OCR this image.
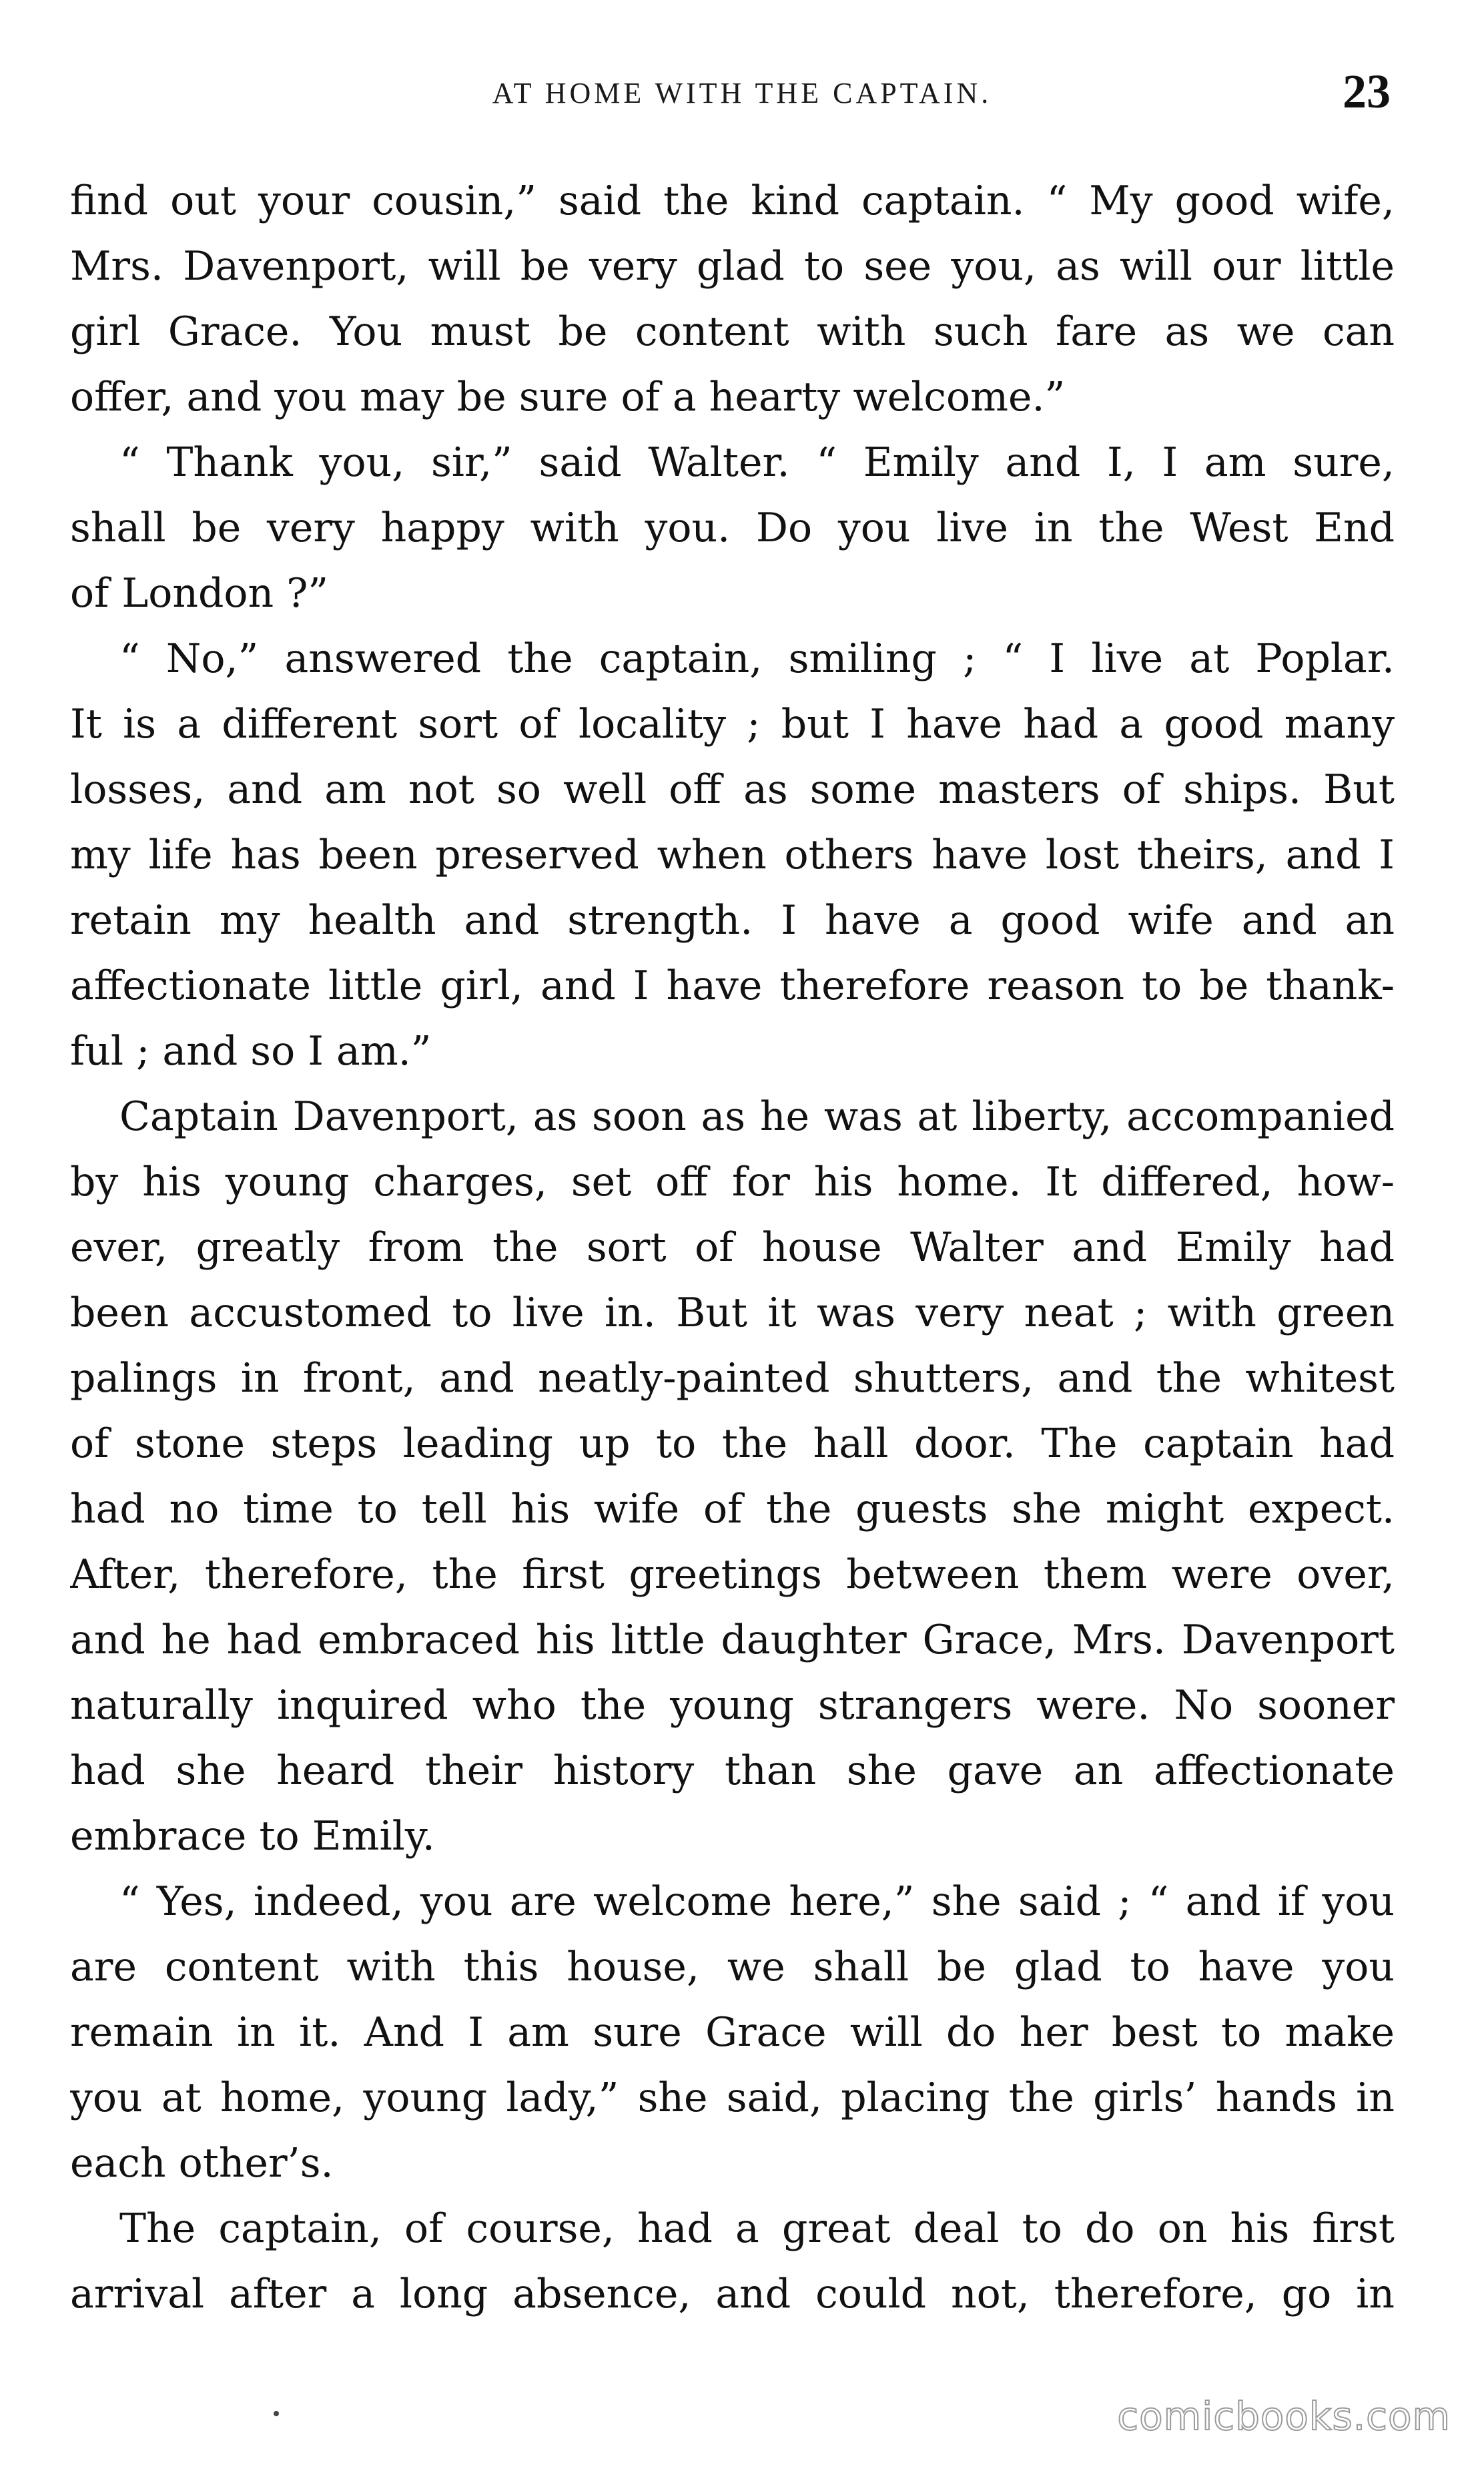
AT HOME WITH THE CAPTAIN.	23
find out your cousin,” said the kind captain. “ My good wife,
Mrs. Davenport, will be very glad to see you, as will our little
girl Grace. You must be content with such fare as we can
offer, and you may be sure of a hearty welcome.”
“ Thank you, sir,” said Walter. “ Emily and I, I am sure,
shall be very happy with you. Do you live in the West End
of London ?”
“ No,” answered the captain, smiling ; “ I live at Poplar.
It is a different sort of locality ; but I have had a good many
losses, and am not so well off as some masters of ships. But
my life has been preserved when others have lost theirs, and I
retain my health and strength. I have a good wife and an
affectionate little girl, and I have therefore reason to be thank-
ful ; and so I am.”
Captain Davenport, as soon as he was at liberty, accompanied
by his young charges, set off for his home. It differed, how-
ever, greatly from the sort of house Walter and Emily had
been accustomed to live in. But it was very neat ; with green
palings in front, and neatly-painted shutters, and the whitest
of stone steps leading up to the hall door. The captain had
had no time to tell his wife of the guests she might expect.
After, therefore, the first greetings between them were over,
and he had embraced his little daughter Grace, Mrs. Davenport
naturally inquired who the young strangers were. No sooner
had she heard their history than she gave an affectionate
embrace to Emily.
“ Yes, indeed, you are welcome here,” she said ; “ and if you
are content with this house, we shall be glad to have you
remain in it. And I am sure Grace will do her best to make
you at home, young lady,” she said, placing the girls’ hands in
each other’s.
The captain, of course, had a great deal to do on his first
arrival after a long absence, and could not, therefore, go in
comicbooks.com
